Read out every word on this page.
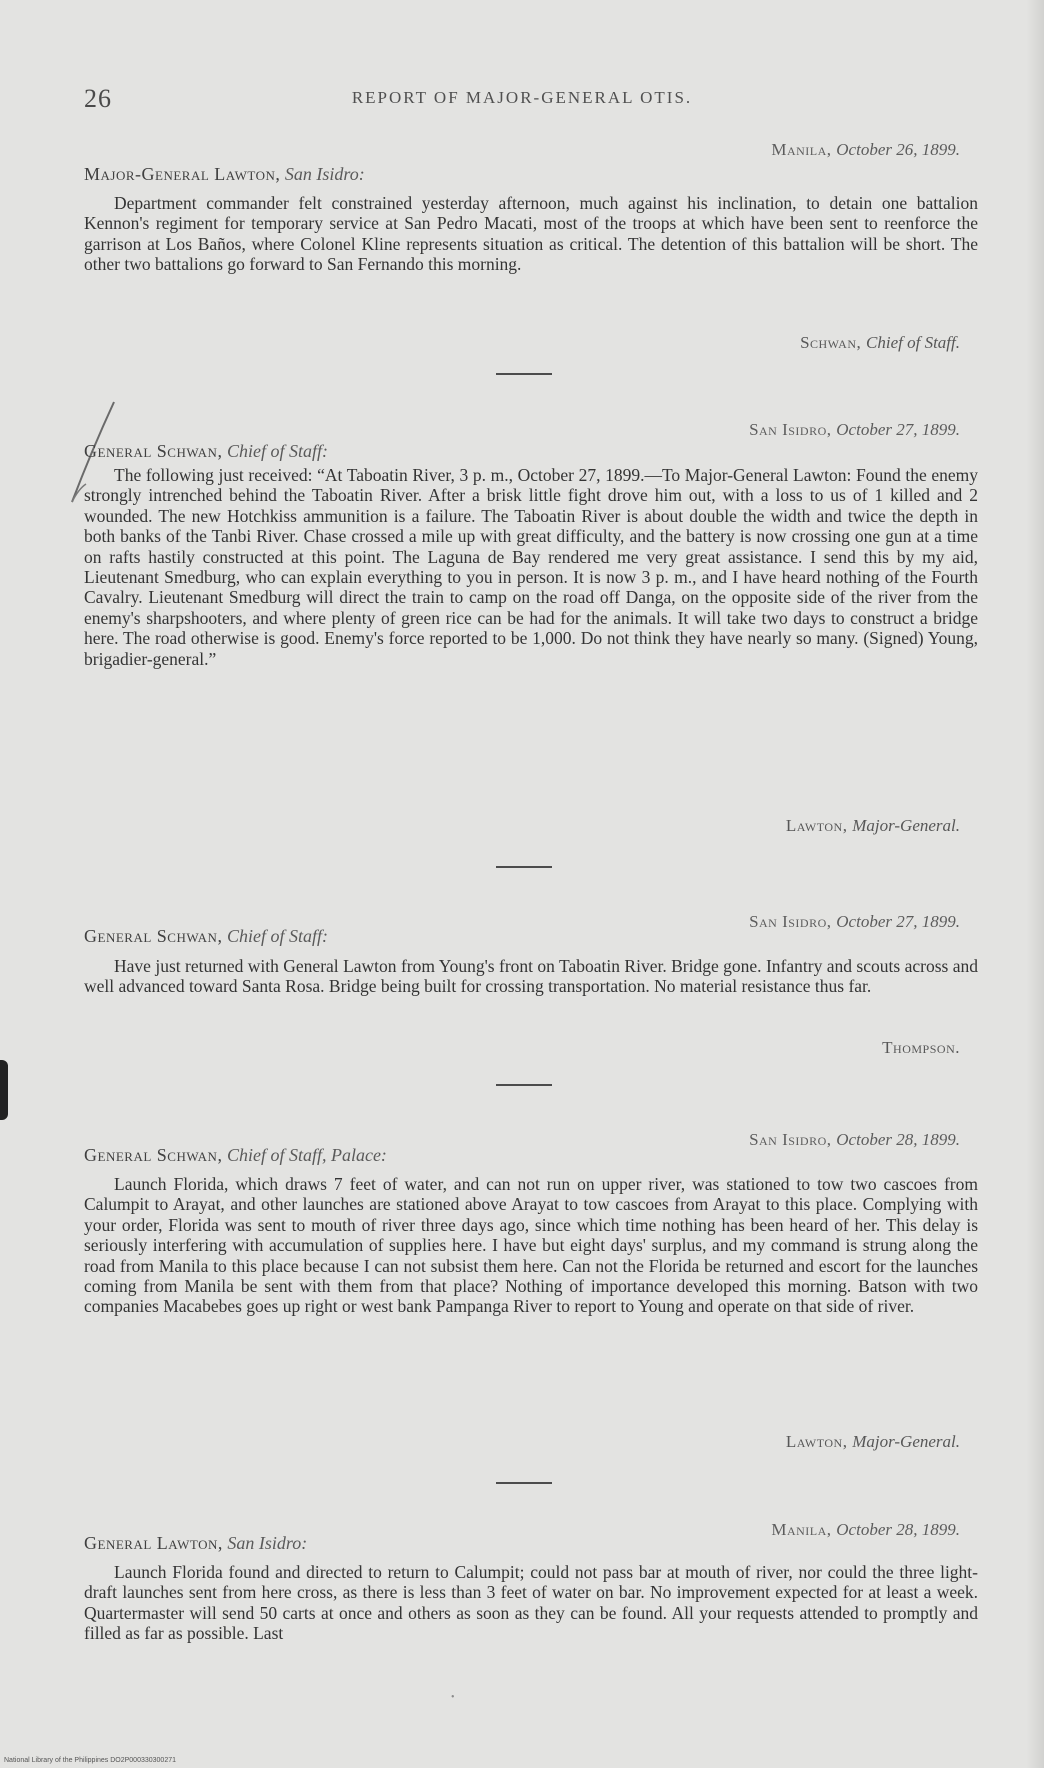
26	REPORT OF MAJOR-GENERAL OTIS.
Manila, October 26, 1899.
Major-General Lawton, San Isidro:
Department commander felt constrained yesterday afternoon, much against his inclination, to detain one battalion Kennon's regiment for temporary service at San Pedro Macati, most of the troops at which have been sent to reenforce the garrison at Los Baños, where Colonel Kline represents situation as critical. The detention of this battalion will be short. The other two battalions go forward to San Fernando this morning.
Schwan, Chief of Staff.
San Isidro, October 27, 1899.
General Schwan, Chief of Staff:
The following just received: “At Taboatin River, 3 p. m., October 27, 1899.—To Major-General Lawton: Found the enemy strongly intrenched behind the Taboatin River. After a brisk little fight drove him out, with a loss to us of 1 killed and 2 wounded. The new Hotchkiss ammunition is a failure. The Taboatin River is about double the width and twice the depth in both banks of the Tanbi River. Chase crossed a mile up with great difficulty, and the battery is now crossing one gun at a time on rafts hastily constructed at this point. The Laguna de Bay rendered me very great assistance. I send this by my aid, Lieutenant Smedburg, who can explain everything to you in person. It is now 3 p. m., and I have heard nothing of the Fourth Cavalry. Lieutenant Smedburg will direct the train to camp on the road off Danga, on the opposite side of the river from the enemy's sharpshooters, and where plenty of green rice can be had for the animals. It will take two days to construct a bridge here. The road otherwise is good. Enemy's force reported to be 1,000. Do not think they have nearly so many. (Signed) Young, brigadier-general.”
Lawton, Major-General.
San Isidro, October 27, 1899.
General Schwan, Chief of Staff:
Have just returned with General Lawton from Young's front on Taboatin River. Bridge gone. Infantry and scouts across and well advanced toward Santa Rosa. Bridge being built for crossing transportation. No material resistance thus far.
Thompson.
San Isidro, October 28, 1899.
General Schwan, Chief of Staff, Palace:
Launch Florida, which draws 7 feet of water, and can not run on upper river, was stationed to tow two cascoes from Calumpit to Arayat, and other launches are stationed above Arayat to tow cascoes from Arayat to this place. Complying with your order, Florida was sent to mouth of river three days ago, since which time nothing has been heard of her. This delay is seriously interfering with accumulation of supplies here. I have but eight days' surplus, and my command is strung along the road from Manila to this place because I can not subsist them here. Can not the Florida be returned and escort for the launches coming from Manila be sent with them from that place? Nothing of importance developed this morning. Batson with two companies Macabebes goes up right or west bank Pampanga River to report to Young and operate on that side of river.
Lawton, Major-General.
Manila, October 28, 1899.
General Lawton, San Isidro:
Launch Florida found and directed to return to Calumpit; could not pass bar at mouth of river, nor could the three light-draft launches sent from here cross, as there is less than 3 feet of water on bar. No improvement expected for at least a week. Quartermaster will send 50 carts at once and others as soon as they can be found. All your requests attended to promptly and filled as far as possible. Last
•
National Library of the Philippines DO2P000330300271
